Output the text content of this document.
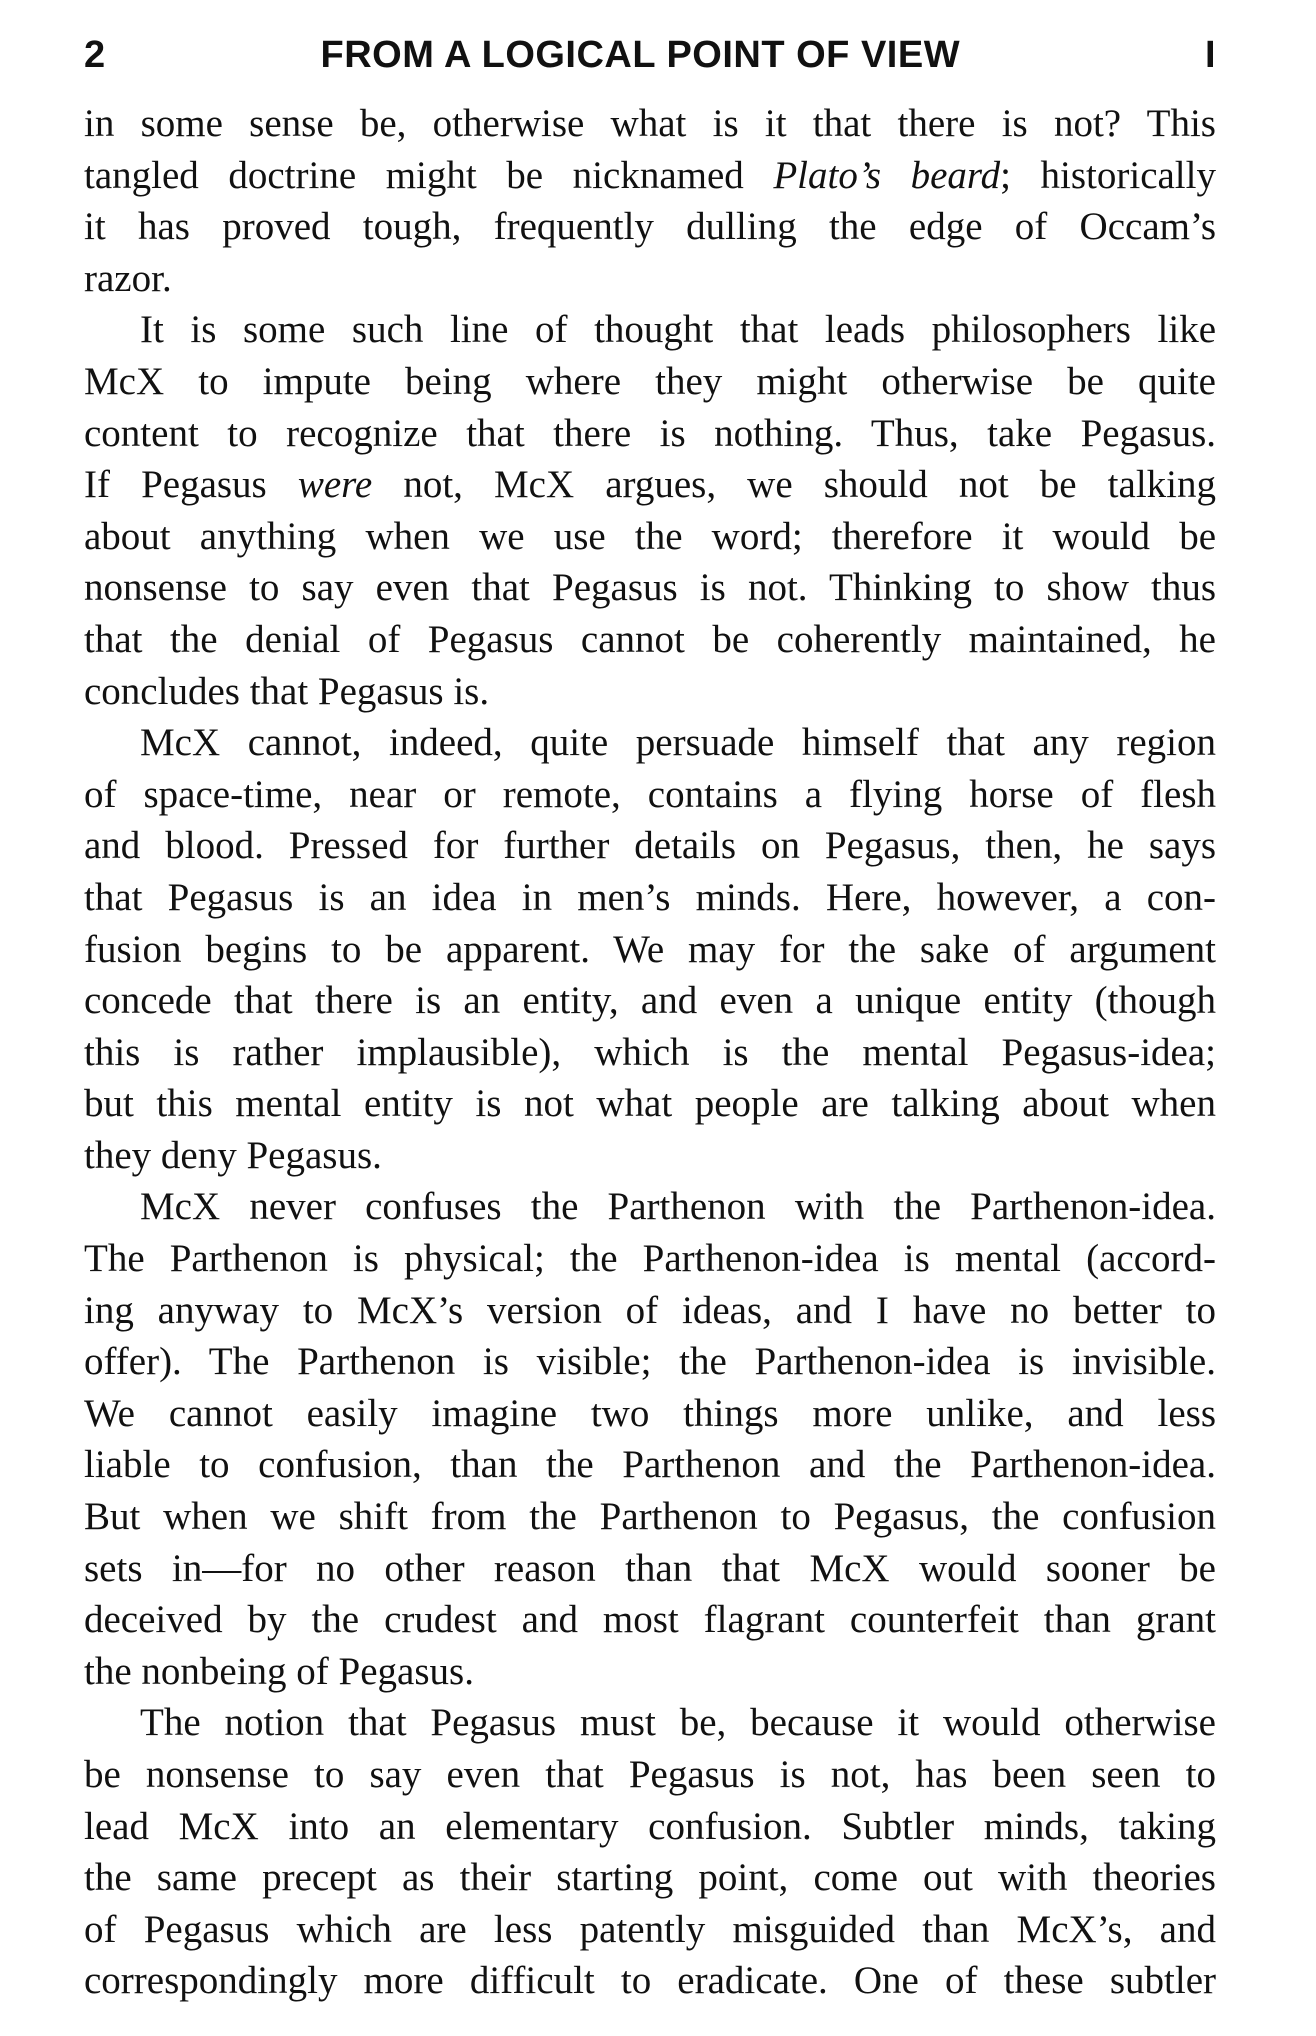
2	FROM A LOGICAL POINT OF VIEW	I
in some sense be, otherwise what is it that there is not? This
tangled doctrine might be nicknamed Plato’s beard; historically
it has proved tough, frequently dulling the edge of Occam’s
razor.
It is some such line of thought that leads philosophers like
McX to impute being where they might otherwise be quite
content to recognize that there is nothing. Thus, take Pegasus.
If Pegasus were not, McX argues, we should not be talking
about anything when we use the word; therefore it would be
nonsense to say even that Pegasus is not. Thinking to show thus
that the denial of Pegasus cannot be coherently maintained, he
concludes that Pegasus is.
McX cannot, indeed, quite persuade himself that any region
of space-time, near or remote, contains a flying horse of flesh
and blood. Pressed for further details on Pegasus, then, he says
that Pegasus is an idea in men’s minds. Here, however, a con-
fusion begins to be apparent. We may for the sake of argument
concede that there is an entity, and even a unique entity (though
this is rather implausible), which is the mental Pegasus-idea;
but this mental entity is not what people are talking about when
they deny Pegasus.
McX never confuses the Parthenon with the Parthenon-idea.
The Parthenon is physical; the Parthenon-idea is mental (accord-
ing anyway to McX’s version of ideas, and I have no better to
offer). The Parthenon is visible; the Parthenon-idea is invisible.
We cannot easily imagine two things more unlike, and less
liable to confusion, than the Parthenon and the Parthenon-idea.
But when we shift from the Parthenon to Pegasus, the confusion
sets in—for no other reason than that McX would sooner be
deceived by the crudest and most flagrant counterfeit than grant
the nonbeing of Pegasus.
The notion that Pegasus must be, because it would otherwise
be nonsense to say even that Pegasus is not, has been seen to
lead McX into an elementary confusion. Subtler minds, taking
the same precept as their starting point, come out with theories
of Pegasus which are less patently misguided than McX’s, and
correspondingly more difficult to eradicate. One of these subtler
